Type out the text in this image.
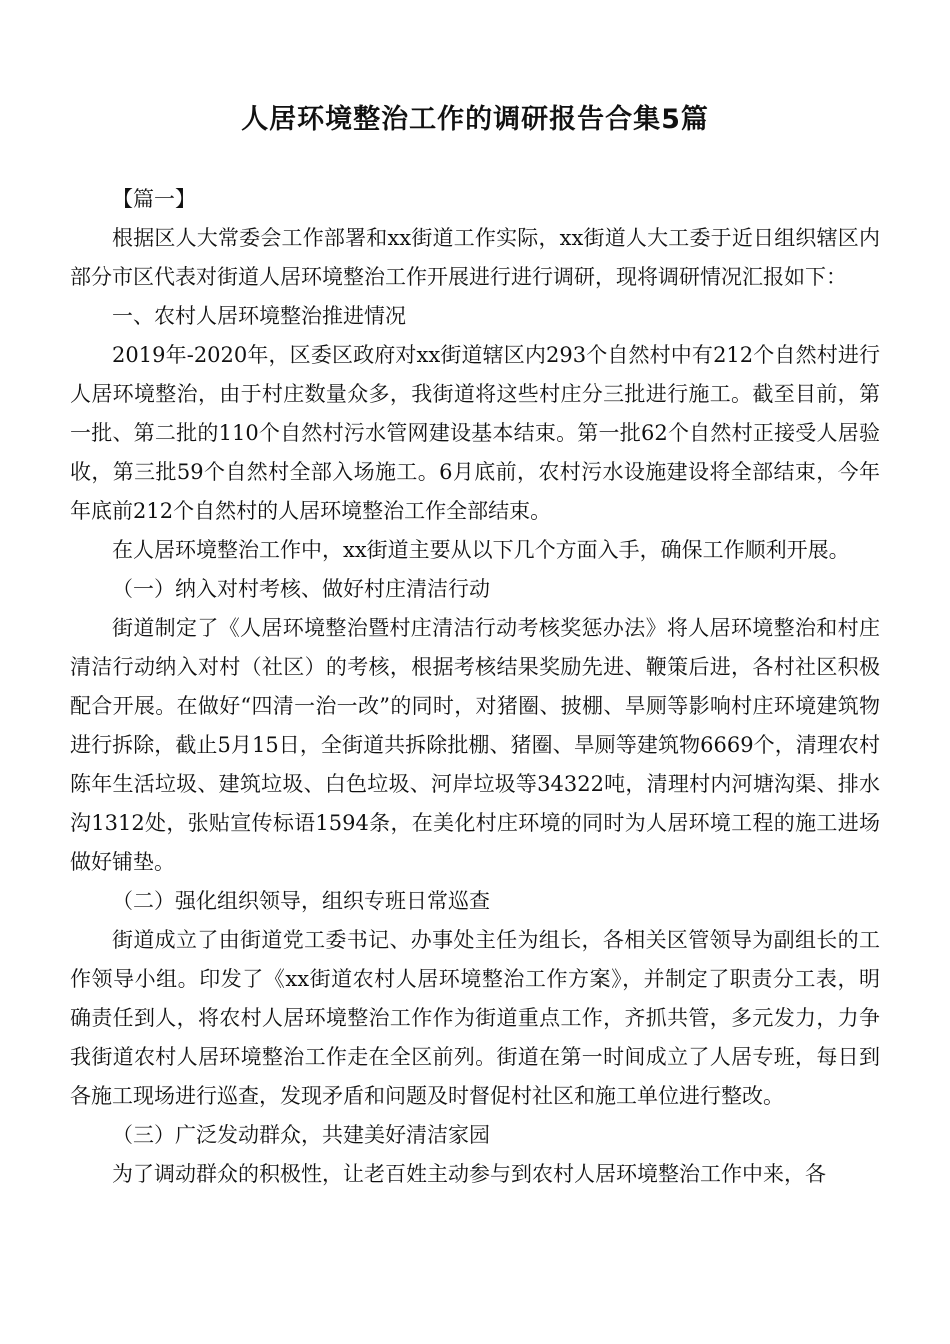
人居环境整治工作的调研报告合集5篇

【篇一】

根据区人大常委会工作部署和xx街道工作实际，xx街道人大工委于近日组织辖区内部分市区代表对街道人居环境整治工作开展进行进行调研，现将调研情况汇报如下：

一、农村人居环境整治推进情况

2019年-2020年，区委区政府对xx街道辖区内293个自然村中有212个自然村进行人居环境整治，由于村庄数量众多，我街道将这些村庄分三批进行施工。截至目前，第一批、第二批的110个自然村污水管网建设基本结束。第一批62个自然村正接受人居验收，第三批59个自然村全部入场施工。6月底前，农村污水设施建设将全部结束，今年年底前212个自然村的人居环境整治工作全部结束。

在人居环境整治工作中，xx街道主要从以下几个方面入手，确保工作顺利开展。

（一）纳入对村考核、做好村庄清洁行动

街道制定了《人居环境整治暨村庄清洁行动考核奖惩办法》将人居环境整治和村庄清洁行动纳入对村（社区）的考核，根据考核结果奖励先进、鞭策后进，各村社区积极配合开展。在做好“四清一治一改”的同时，对猪圈、披棚、旱厕等影响村庄环境建筑物进行拆除，截止5月15日，全街道共拆除批棚、猪圈、旱厕等建筑物6669个，清理农村陈年生活垃圾、建筑垃圾、白色垃圾、河岸垃圾等34322吨，清理村内河塘沟渠、排水沟1312处，张贴宣传标语1594条，在美化村庄环境的同时为人居环境工程的施工进场做好铺垫。

（二）强化组织领导，组织专班日常巡查

街道成立了由街道党工委书记、办事处主任为组长，各相关区管领导为副组长的工作领导小组。印发了《xx街道农村人居环境整治工作方案》，并制定了职责分工表，明确责任到人，将农村人居环境整治工作作为街道重点工作，齐抓共管，多元发力，力争我街道农村人居环境整治工作走在全区前列。街道在第一时间成立了人居专班，每日到各施工现场进行巡查，发现矛盾和问题及时督促村社区和施工单位进行整改。

（三）广泛发动群众，共建美好清洁家园

为了调动群众的积极性，让老百姓主动参与到农村人居环境整治工作中来，各
